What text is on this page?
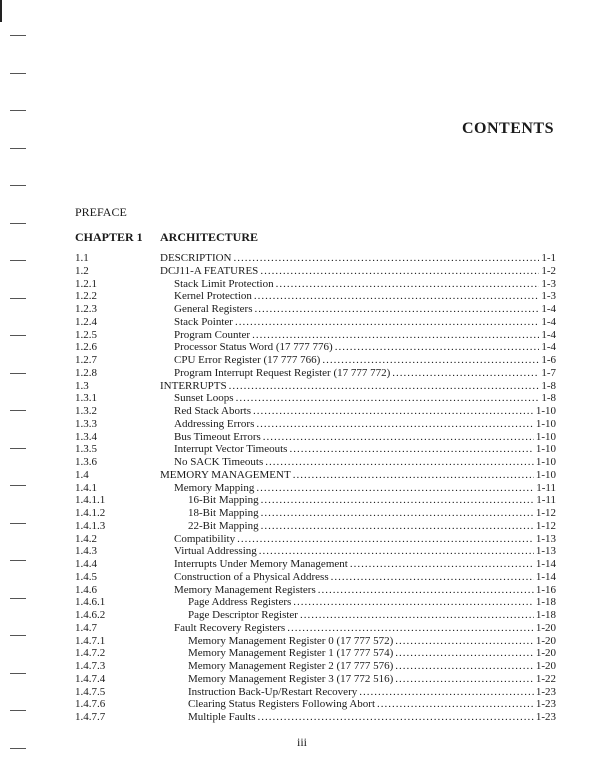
CONTENTS
PREFACE
CHAPTER 1 ARCHITECTURE
1.1	DESCRIPTION .....	1-1
1.2	DCJ11-A FEATURES .....	1-2
1.2.1	Stack Limit Protection .....	1-3
1.2.2	Kernel Protection .....	1-3
1.2.3	General Registers .....	1-4
1.2.4	Stack Pointer .....	1-4
1.2.5	Program Counter .....	1-4
1.2.6	Processor Status Word (17 777 776) .....	1-4
1.2.7	CPU Error Register (17 777 766) .....	1-6
1.2.8	Program Interrupt Request Register (17 777 772) .....	1-7
1.3	INTERRUPTS .....	1-8
1.3.1	Sunset Loops .....	1-8
1.3.2	Red Stack Aborts .....	1-10
1.3.3	Addressing Errors .....	1-10
1.3.4	Bus Timeout Errors .....	1-10
1.3.5	Interrupt Vector Timeouts .....	1-10
1.3.6	No SACK Timeouts .....	1-10
1.4	MEMORY MANAGEMENT .....	1-10
1.4.1	Memory Mapping .....	1-11
1.4.1.1	16-Bit Mapping .....	1-11
1.4.1.2	18-Bit Mapping .....	1-12
1.4.1.3	22-Bit Mapping .....	1-12
1.4.2	Compatibility .....	1-13
1.4.3	Virtual Addressing .....	1-13
1.4.4	Interrupts Under Memory Management .....	1-14
1.4.5	Construction of a Physical Address .....	1-14
1.4.6	Memory Management Registers .....	1-16
1.4.6.1	Page Address Registers .....	1-18
1.4.6.2	Page Descriptor Register .....	1-18
1.4.7	Fault Recovery Registers .....	1-20
1.4.7.1	Memory Management Register 0 (17 777 572) .....	1-20
1.4.7.2	Memory Management Register 1 (17 777 574) .....	1-20
1.4.7.3	Memory Management Register 2 (17 777 576) .....	1-20
1.4.7.4	Memory Management Register 3 (17 772 516) .....	1-22
1.4.7.5	Instruction Back-Up/Restart Recovery .....	1-23
1.4.7.6	Clearing Status Registers Following Abort .....	1-23
1.4.7.7	Multiple Faults .....	1-23
iii
